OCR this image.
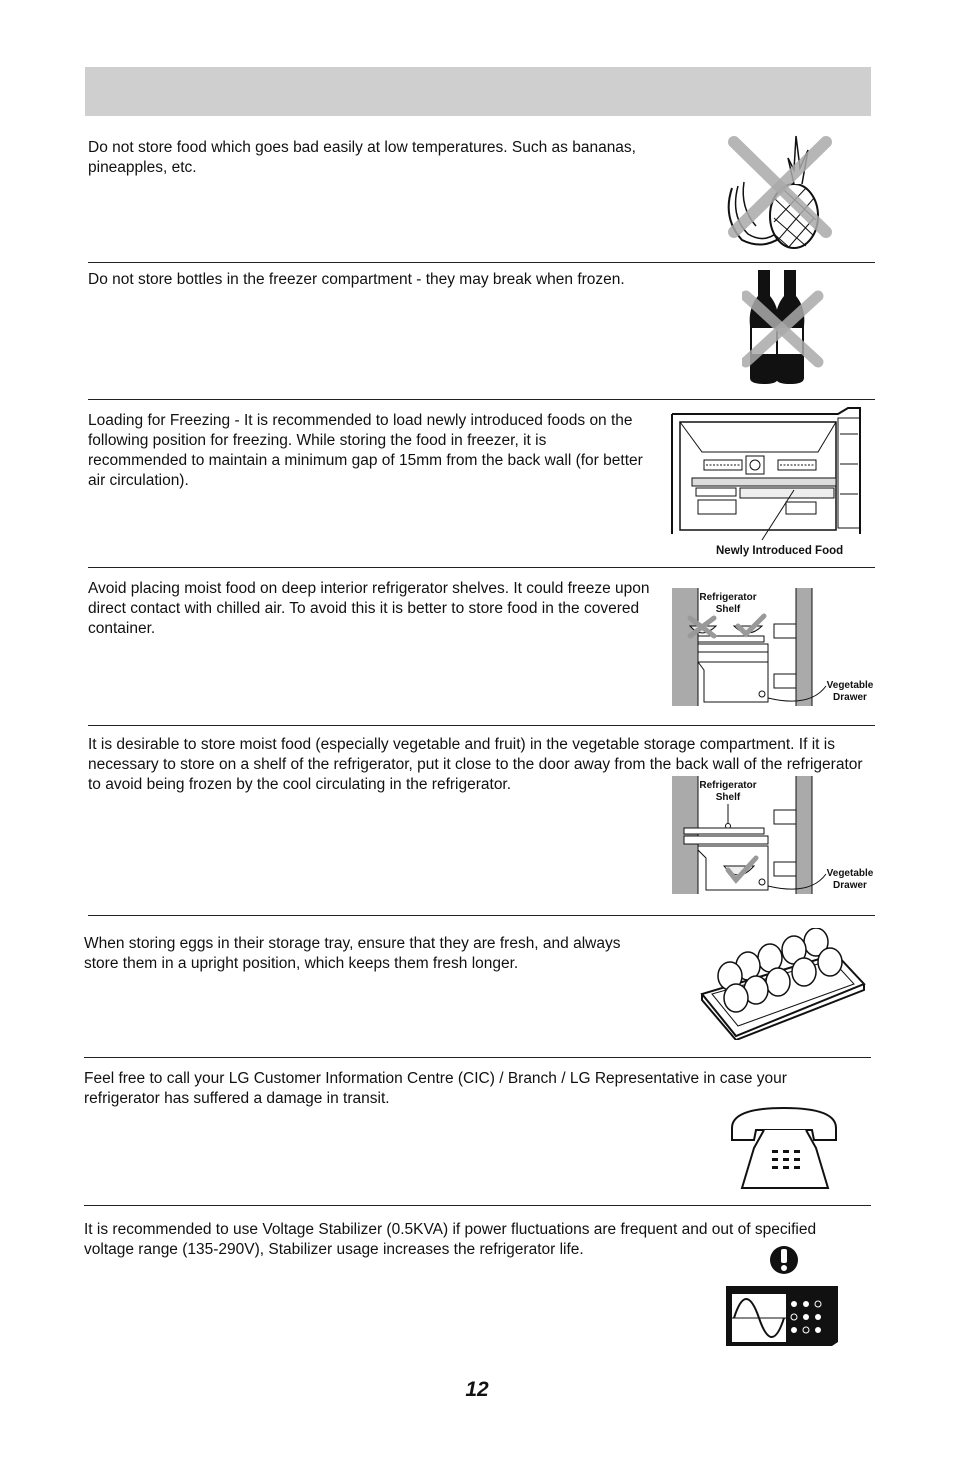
Do not store food which goes bad easily at low temperatures. Such as bananas, pineapples, etc.
Do not store bottles in the freezer compartment - they may break when frozen.
Loading for Freezing - It is recommended to load newly introduced foods on the following position for freezing. While storing the food in freezer, it is recommended to maintain a minimum gap of 15mm from the back wall (for better air circulation).
Newly Introduced Food
Avoid placing moist food on deep interior refrigerator shelves. It could freeze upon direct contact with chilled air. To avoid this it is better to store food in the covered container.
Refrigerator
Shelf
Vegetable
Drawer
It is desirable to store moist food (especially vegetable and fruit) in the vegetable storage compartment. If it is necessary to store on a shelf of the refrigerator, put it close to the door away from the back wall of the refrigerator to avoid being frozen by the cool circulating in the refrigerator.	Refrigerator
Shelf
Vegetable
Drawer
When storing eggs in their storage tray, ensure that they are fresh, and always store them in a upright position, which keeps them fresh longer.
Feel free to call your LG Customer Information Centre (CIC) / Branch / LG Representative in case your refrigerator has suffered a damage in transit.
It is recommended to use Voltage Stabilizer (0.5KVA) if power fluctuations are frequent and out of specified voltage range (135-290V), Stabilizer usage increases the refrigerator life.
12
